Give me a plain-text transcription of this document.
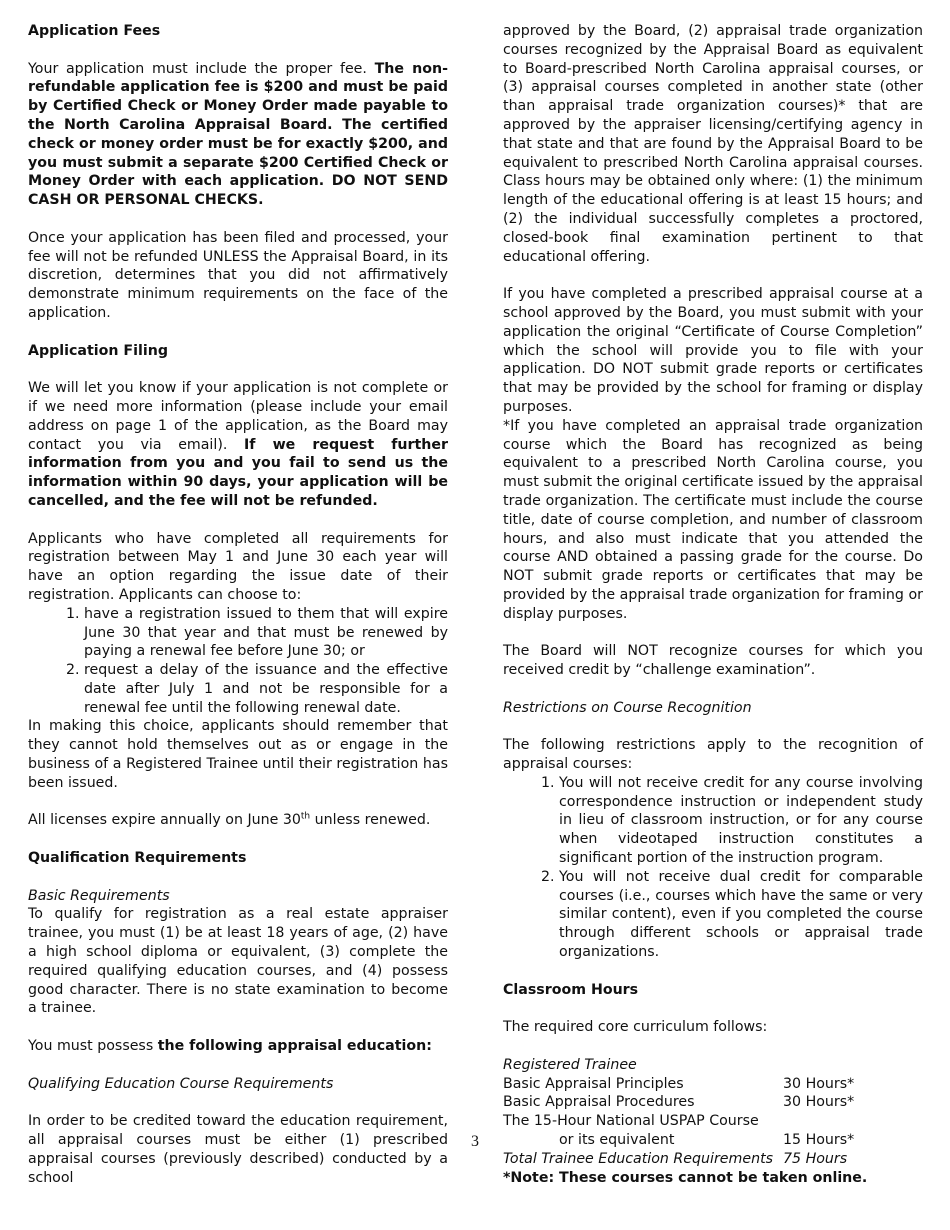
Application Fees

Your application must include the proper fee. The non-refundable application fee is $200 and must be paid by Certified Check or Money Order made payable to the North Carolina Appraisal Board. The certified check or money order must be for exactly $200, and you must submit a separate $200 Certified Check or Money Order with each application. DO NOT SEND CASH OR PERSONAL CHECKS.

Once your application has been filed and processed, your fee will not be refunded UNLESS the Appraisal Board, in its discretion, determines that you did not affirmatively demonstrate minimum requirements on the face of the application.

Application Filing

We will let you know if your application is not complete or if we need more information (please include your email address on page 1 of the application, as the Board may contact you via email). If we request further information from you and you fail to send us the information within 90 days, your application will be cancelled, and the fee will not be refunded.

Applicants who have completed all requirements for registration between May 1 and June 30 each year will have an option regarding the issue date of their registration. Applicants can choose to:

1. have a registration issued to them that will expire June 30 that year and that must be renewed by paying a renewal fee before June 30; or
2. request a delay of the issuance and the effective date after July 1 and not be responsible for a renewal fee until the following renewal date.

In making this choice, applicants should remember that they cannot hold themselves out as or engage in the business of a Registered Trainee until their registration has been issued.

All licenses expire annually on June 30th unless renewed.

Qualification Requirements
Basic Requirements

To qualify for registration as a real estate appraiser trainee, you must (1) be at least 18 years of age, (2) have a high school diploma or equivalent, (3) complete the required qualifying education courses, and (4) possess good character. There is no state examination to become a trainee.

You must possess the following appraisal education:

Qualifying Education Course Requirements

In order to be credited toward the education requirement, all appraisal courses must be either (1) prescribed appraisal courses (previously described) conducted by a school

approved by the Board, (2) appraisal trade organization courses recognized by the Appraisal Board as equivalent to Board-prescribed North Carolina appraisal courses, or (3) appraisal courses completed in another state (other than appraisal trade organization courses)* that are approved by the appraiser licensing/certifying agency in that state and that are found by the Appraisal Board to be equivalent to prescribed North Carolina appraisal courses. Class hours may be obtained only where: (1) the minimum length of the educational offering is at least 15 hours; and (2) the individual successfully completes a proctored, closed-book final examination pertinent to that educational offering.

If you have completed a prescribed appraisal course at a school approved by the Board, you must submit with your application the original “Certificate of Course Completion” which the school will provide you to file with your application. DO NOT submit grade reports or certificates that may be provided by the school for framing or display purposes.

*If you have completed an appraisal trade organization course which the Board has recognized as being equivalent to a prescribed North Carolina course, you must submit the original certificate issued by the appraisal trade organization. The certificate must include the course title, date of course completion, and number of classroom hours, and also must indicate that you attended the course AND obtained a passing grade for the course. Do NOT submit grade reports or certificates that may be provided by the appraisal trade organization for framing or display purposes.

The Board will NOT recognize courses for which you received credit by “challenge examination”.

Restrictions on Course Recognition

The following restrictions apply to the recognition of appraisal courses:

1. You will not receive credit for any course involving correspondence instruction or independent study in lieu of classroom instruction, or for any course when videotaped instruction constitutes a significant portion of the instruction program.
2. You will not receive dual credit for comparable courses (i.e., courses which have the same or very similar content), even if you completed the course through different schools or appraisal trade organizations.
Classroom Hours

The required core curriculum follows:

Registered Trainee
Basic Appraisal Principles	30 Hours*
Basic Appraisal Procedures	30 Hours*
The 15-Hour National USPAP Course	
or its equivalent	15 Hours*
Total Trainee Education Requirements	75 Hours
*Note: These courses cannot be taken online.
3
